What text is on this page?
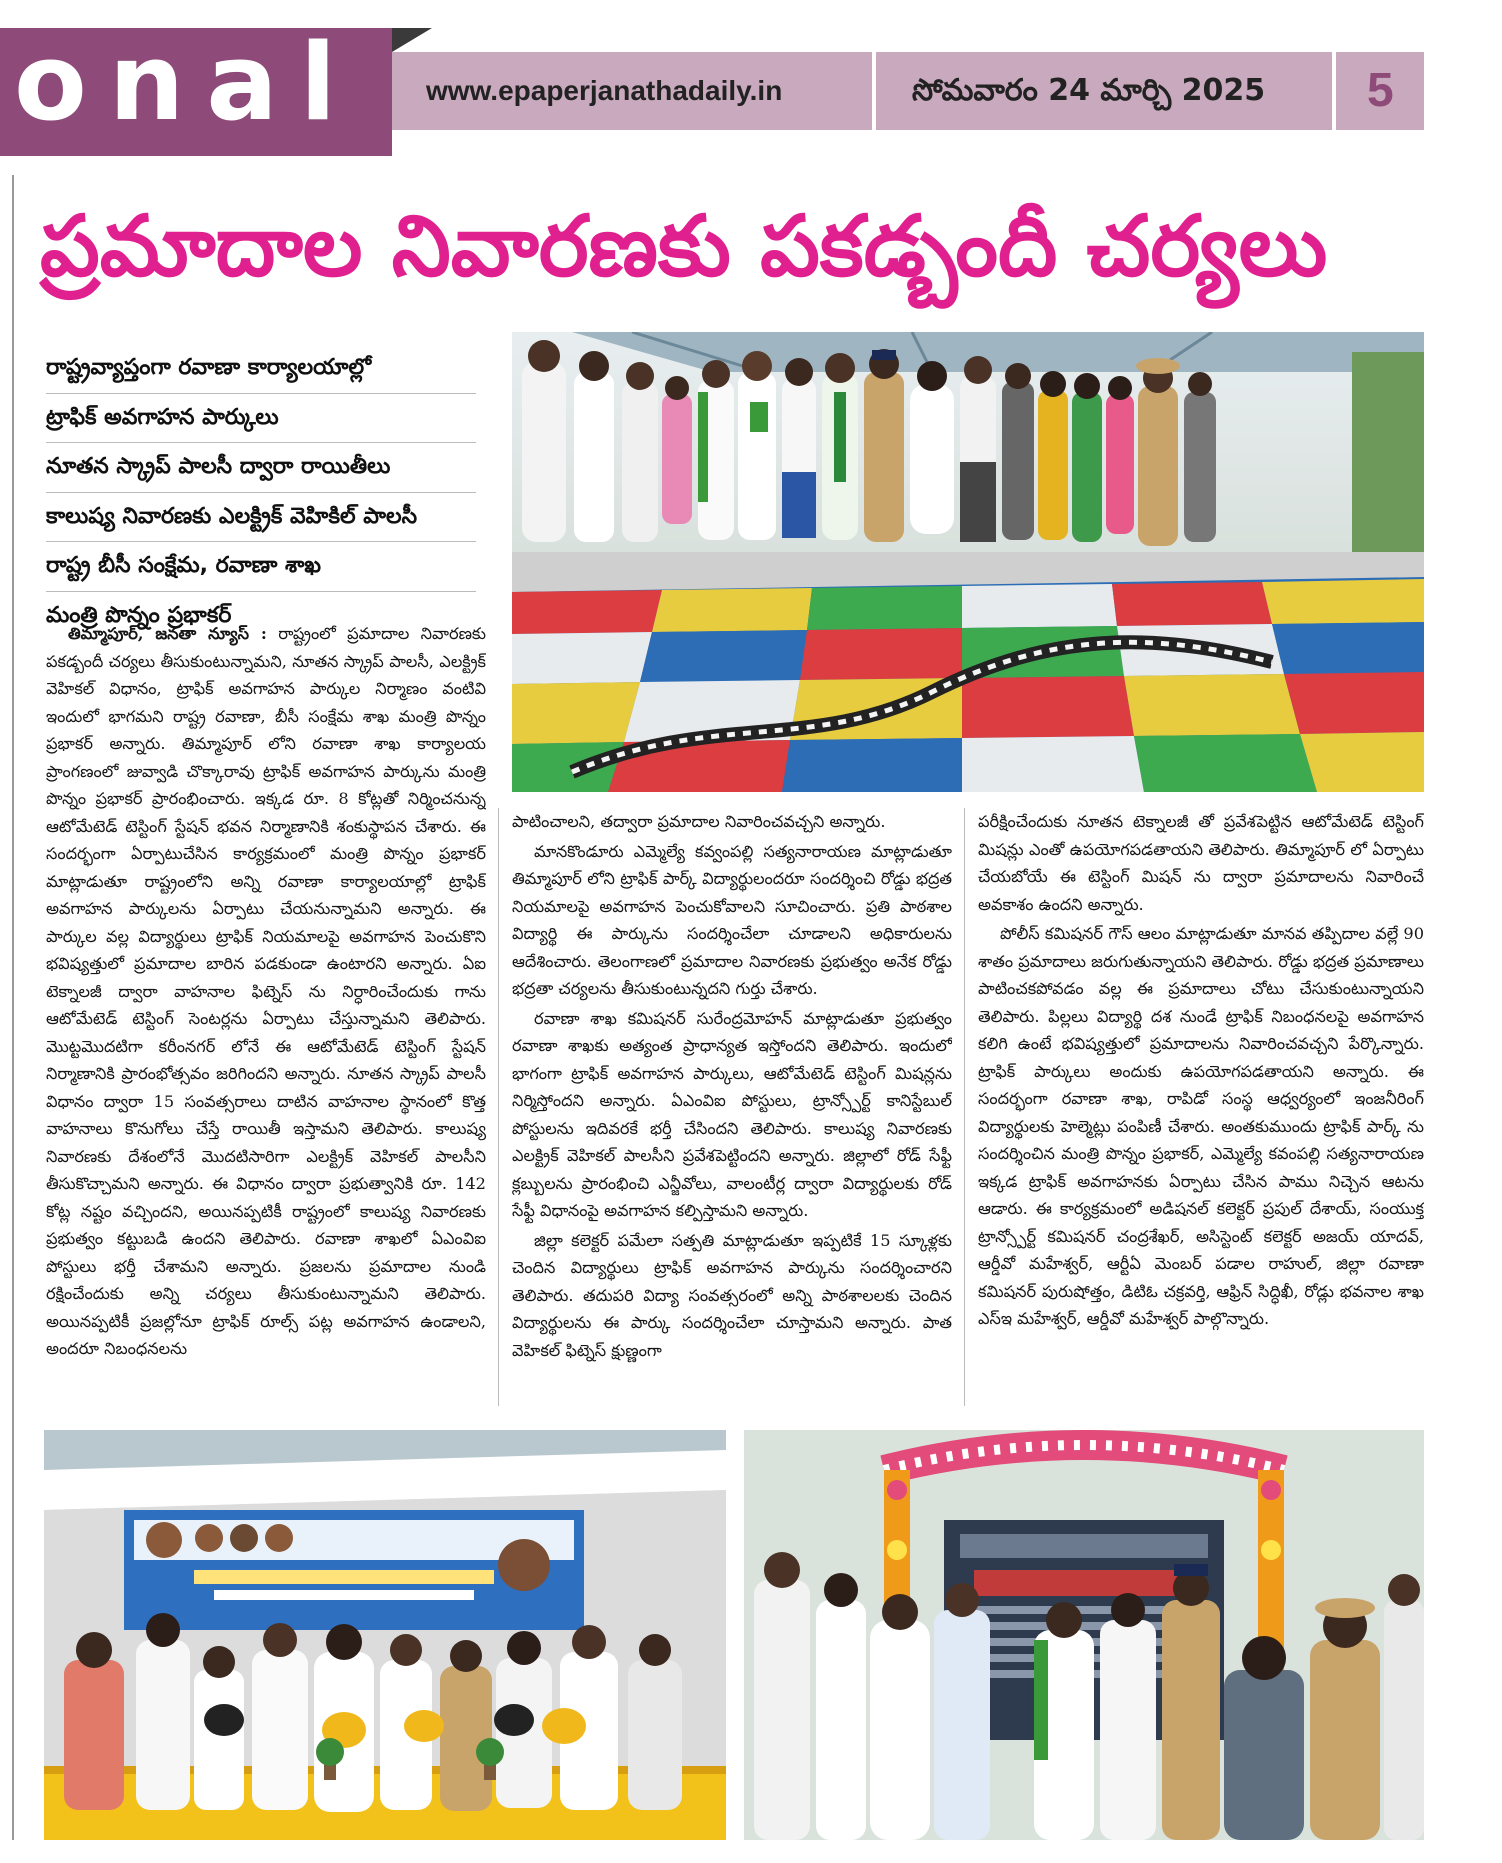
onal www.epaperjanathadaily.in	సోమవారం 24 మార్చి 2025 5
ప్రమాదాల నివారణకు పకడ్బందీ చర్యలు
రాష్ట్రవ్యాప్తంగా రవాణా కార్యాలయాల్లో
ట్రాఫిక్ అవగాహన పార్కులు
నూతన స్క్రాప్ పాలసీ ద్వారా రాయితీలు
కాలుష్య నివారణకు ఎలక్ట్రిక్ వెహికిల్ పాలసీ
రాష్ట్ర బీసీ సంక్షేమ, రవాణా శాఖ
మంత్రి పొన్నం ప్రభాకర్

తిమ్మాపూర్, జనతా న్యూస్ : రాష్ట్రంలో ప్రమాదాల నివారణకు పకడ్బందీ చర్యలు తీసుకుంటున్నామని, నూతన స్క్రాప్ పాలసీ, ఎలక్ట్రిక్ వెహికల్ విధానం, ట్రాఫిక్ అవగాహన పార్కుల నిర్మాణం వంటివి ఇందులో భాగమని రాష్ట్ర రవాణా, బీసీ సంక్షేమ శాఖ మంత్రి పొన్నం ప్రభాకర్ అన్నారు. తిమ్మాపూర్ లోని రవాణా శాఖ కార్యాలయ ప్రాంగణంలో జువ్వాడి చొక్కారావు ట్రాఫిక్ అవగాహన పార్కును మంత్రి పొన్నం ప్రభాకర్ ప్రారంభించారు. ఇక్కడ రూ. 8 కోట్లతో నిర్మించనున్న ఆటోమేటెడ్ టెస్టింగ్ స్టేషన్ భవన నిర్మాణానికి శంకుస్థాపన చేశారు. ఈ సందర్భంగా ఏర్పాటుచేసిన కార్యక్రమంలో మంత్రి పొన్నం ప్రభాకర్ మాట్లాడుతూ రాష్ట్రంలోని అన్ని రవాణా కార్యాలయాల్లో ట్రాఫిక్ అవగాహన పార్కులను ఏర్పాటు చేయనున్నామని అన్నారు. ఈ పార్కుల వల్ల విద్యార్థులు ట్రాఫిక్ నియమాలపై అవగాహన పెంచుకొని భవిష్యత్తులో ప్రమాదాల బారిన పడకుండా ఉంటారని అన్నారు. ఏఐ టెక్నాలజీ ద్వారా వాహనాల ఫిట్నెస్ ను నిర్ధారించేందుకు గాను ఆటోమేటెడ్ టెస్టింగ్ సెంటర్లను ఏర్పాటు చేస్తున్నామని తెలిపారు. మొట్టమొదటిగా కరీంనగర్ లోనే ఈ ఆటోమేటెడ్ టెస్టింగ్ స్టేషన్ నిర్మాణానికి ప్రారంభోత్సవం జరిగిందని అన్నారు. నూతన స్క్రాప్ పాలసీ విధానం ద్వారా 15 సంవత్సరాలు దాటిన వాహనాల స్థానంలో కొత్త వాహనాలు కొనుగోలు చేస్తే రాయితీ ఇస్తామని తెలిపారు. కాలుష్య నివారణకు దేశంలోనే మొదటిసారిగా ఎలక్ట్రిక్ వెహికల్ పాలసీని తీసుకొచ్చామని అన్నారు. ఈ విధానం ద్వారా ప్రభుత్వానికి రూ. 142 కోట్ల నష్టం వచ్చిందని, అయినప్పటికీ రాష్ట్రంలో కాలుష్య నివారణకు ప్రభుత్వం కట్టుబడి ఉందని తెలిపారు. రవాణా శాఖలో ఏఎంవిఐ పోస్టులు భర్తీ చేశామని అన్నారు. ప్రజలను ప్రమాదాల నుండి రక్షించేందుకు అన్ని చర్యలు తీసుకుంటున్నామని తెలిపారు. అయినప్పటికీ ప్రజల్లోనూ ట్రాఫిక్ రూల్స్ పట్ల అవగాహన ఉండాలని, అందరూ నిబంధనలను

పాటించాలని, తద్వారా ప్రమాదాల నివారించవచ్చని అన్నారు.

మానకొండూరు ఎమ్మెల్యే కవ్వంపల్లి సత్యనారాయణ మాట్లాడుతూ తిమ్మాపూర్ లోని ట్రాఫిక్ పార్క్ విద్యార్థులందరూ సందర్శించి రోడ్డు భద్రత నియమాలపై అవగాహన పెంచుకోవాలని సూచించారు. ప్రతి పాఠశాల విద్యార్థి ఈ పార్కును సందర్శించేలా చూడాలని అధికారులను ఆదేశించారు. తెలంగాణలో ప్రమాదాల నివారణకు ప్రభుత్వం అనేక రోడ్డు భద్రతా చర్యలను తీసుకుంటున్నదని గుర్తు చేశారు.

రవాణా శాఖ కమిషనర్ సురేంద్రమోహన్ మాట్లాడుతూ ప్రభుత్వం రవాణా శాఖకు అత్యంత ప్రాధాన్యత ఇస్తోందని తెలిపారు. ఇందులో భాగంగా ట్రాఫిక్ అవగాహన పార్కులు, ఆటోమేటెడ్ టెస్టింగ్ మిషన్లను నిర్మిస్తోందని అన్నారు. ఏఎంవిఐ పోస్టులు, ట్రాన్స్పోర్ట్ కానిస్టేబుల్ పోస్టులను ఇదివరకే భర్తీ చేసిందని తెలిపారు. కాలుష్య నివారణకు ఎలక్ట్రిక్ వెహికల్ పాలసీని ప్రవేశపెట్టిందని అన్నారు. జిల్లాలో రోడ్ సేఫ్టీ క్లబ్బులను ప్రారంభించి ఎన్జీవోలు, వాలంటీర్ల ద్వారా విద్యార్థులకు రోడ్ సేఫ్టీ విధానంపై అవగాహన కల్పిస్తామని అన్నారు.

జిల్లా కలెక్టర్ పమేలా సత్పతి మాట్లాడుతూ ఇప్పటికే 15 స్కూళ్లకు చెందిన విద్యార్థులు ట్రాఫిక్ అవగాహన పార్కును సందర్శించారని తెలిపారు. తదుపరి విద్యా సంవత్సరంలో అన్ని పాఠశాలలకు చెందిన విద్యార్థులను ఈ పార్కు సందర్శించేలా చూస్తామని అన్నారు. పాత వెహికల్ ఫిట్నెస్ క్షుణ్ణంగా

పరీక్షించేందుకు నూతన టెక్నాలజీ తో ప్రవేశపెట్టిన ఆటోమేటెడ్ టెస్టింగ్ మిషన్లు ఎంతో ఉపయోగపడతాయని తెలిపారు. తిమ్మాపూర్ లో ఏర్పాటు చేయబోయే ఈ టెస్టింగ్ మిషన్ ను ద్వారా ప్రమాదాలను నివారించే అవకాశం ఉందని అన్నారు.

పోలీస్ కమిషనర్ గౌస్ ఆలం మాట్లాడుతూ మానవ తప్పిదాల వల్లే 90 శాతం ప్రమాదాలు జరుగుతున్నాయని తెలిపారు. రోడ్డు భద్రత ప్రమాణాలు పాటించకపోవడం వల్ల ఈ ప్రమాదాలు చోటు చేసుకుంటున్నాయని తెలిపారు. పిల్లలు విద్యార్థి దశ నుండే ట్రాఫిక్ నిబంధనలపై అవగాహన కలిగి ఉంటే భవిష్యత్తులో ప్రమాదాలను నివారించవచ్చని పేర్కొన్నారు. ట్రాఫిక్ పార్కులు అందుకు ఉపయోగపడతాయని అన్నారు. ఈ సందర్భంగా రవాణా శాఖ, రాపిడో సంస్థ ఆధ్వర్యంలో ఇంజనీరింగ్ విద్యార్థులకు హెల్మెట్లు పంపిణీ చేశారు. అంతకుముందు ట్రాఫిక్ పార్క్ ను సందర్శించిన మంత్రి పొన్నం ప్రభాకర్, ఎమ్మెల్యే కవంపల్లి సత్యనారాయణ ఇక్కడ ట్రాఫిక్ అవగాహనకు ఏర్పాటు చేసిన పాము నిచ్చెన ఆటను ఆడారు. ఈ కార్యక్రమంలో అడిషనల్ కలెక్టర్ ప్రపుల్ దేశాయ్, సంయుక్త ట్రాన్స్పోర్ట్ కమిషనర్ చంద్రశేఖర్, అసిస్టెంట్ కలెక్టర్ అజయ్ యాదవ్, ఆర్డీవో మహేశ్వర్, ఆర్టీఏ మెంబర్ పడాల రాహుల్, జిల్లా రవాణా కమిషనర్ పురుషోత్తం, డిటిఓ చక్రవర్తి, ఆఫ్రిన్ సిద్ధిఖీ, రోడ్లు భవనాల శాఖ ఎస్ఇ మహేశ్వర్, ఆర్డీవో మహేశ్వర్ పాల్గొన్నారు.
